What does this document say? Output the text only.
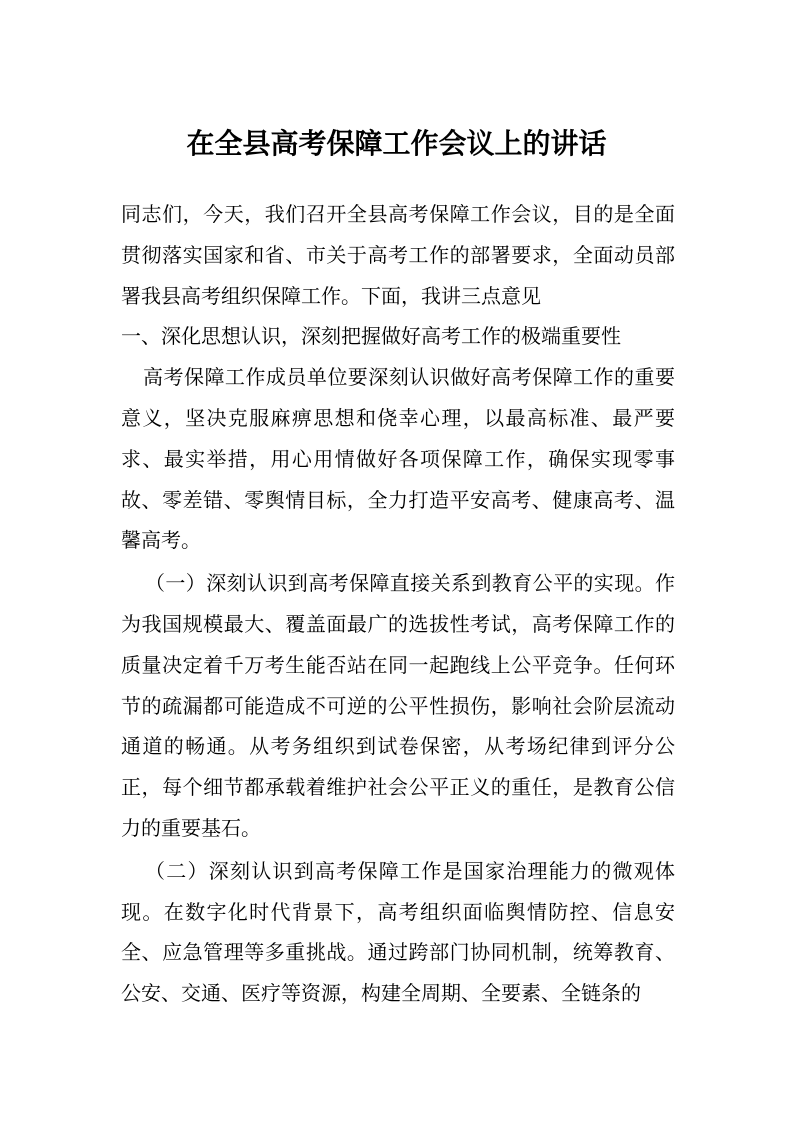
在全县高考保障工作会议上的讲话

同志们，今天，我们召开全县高考保障工作会议，目的是全面贯彻落实国家和省、市关于高考工作的部署要求，全面动员部署我县高考组织保障工作。下面，我讲三点意见

一、深化思想认识，深刻把握做好高考工作的极端重要性

高考保障工作成员单位要深刻认识做好高考保障工作的重要意义，坚决克服麻痹思想和侥幸心理，以最高标准、最严要求、最实举措，用心用情做好各项保障工作，确保实现零事故、零差错、零舆情目标，全力打造平安高考、健康高考、温馨高考。

（一）深刻认识到高考保障直接关系到教育公平的实现。作为我国规模最大、覆盖面最广的选拔性考试，高考保障工作的质量决定着千万考生能否站在同一起跑线上公平竞争。任何环节的疏漏都可能造成不可逆的公平性损伤，影响社会阶层流动通道的畅通。从考务组织到试卷保密，从考场纪律到评分公正，每个细节都承载着维护社会公平正义的重任，是教育公信力的重要基石。

（二）深刻认识到高考保障工作是国家治理能力的微观体现。在数字化时代背景下，高考组织面临舆情防控、信息安全、应急管理等多重挑战。通过跨部门协同机制，统筹教育、公安、交通、医疗等资源，构建全周期、全要素、全链条的
